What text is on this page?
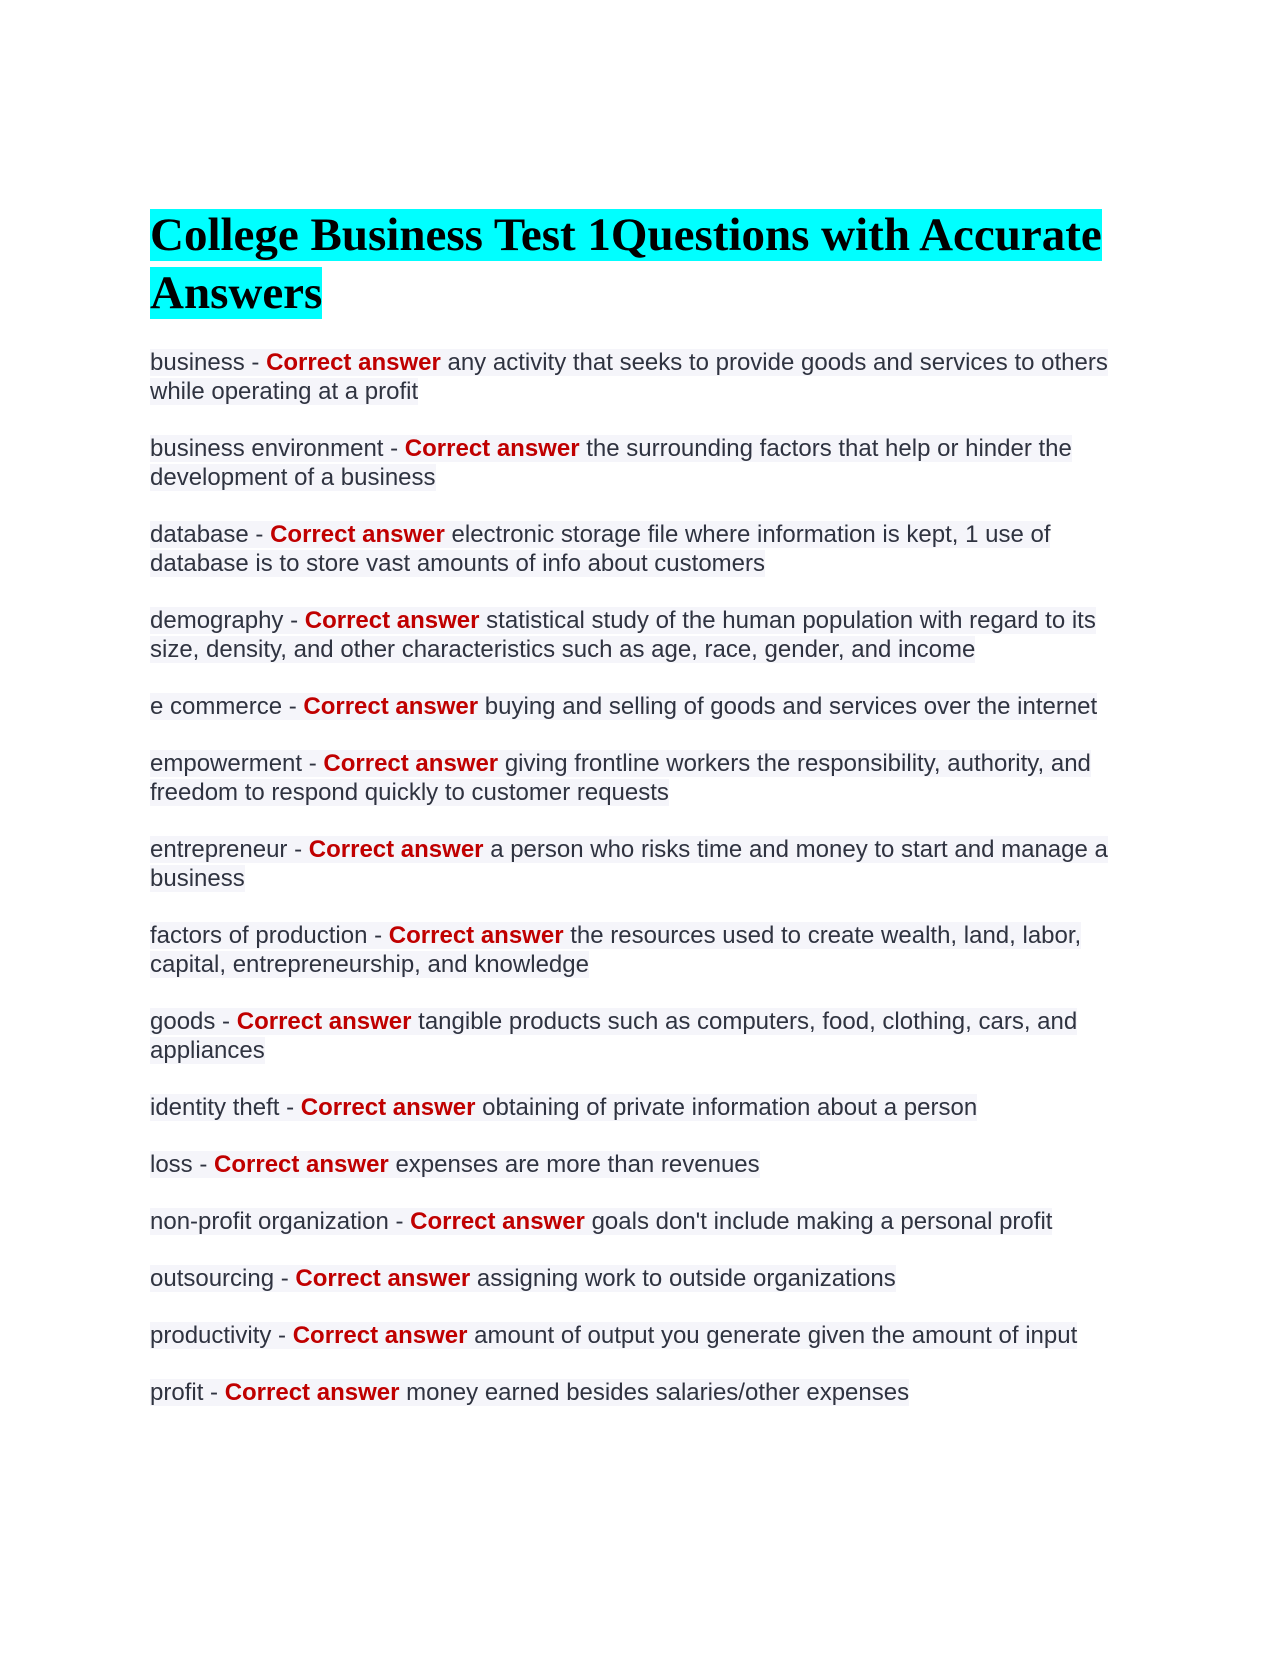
College Business Test 1Questions with Accurate Answers

business - Correct answer any activity that seeks to provide goods and services to others while operating at a profit

business environment - Correct answer the surrounding factors that help or hinder the development of a business

database - Correct answer electronic storage file where information is kept, 1 use of database is to store vast amounts of info about customers

demography - Correct answer statistical study of the human population with regard to its size, density, and other characteristics such as age, race, gender, and income

e commerce - Correct answer buying and selling of goods and services over the internet

empowerment - Correct answer giving frontline workers the responsibility, authority, and freedom to respond quickly to customer requests

entrepreneur - Correct answer a person who risks time and money to start and manage a business

factors of production - Correct answer the resources used to create wealth, land, labor, capital, entrepreneurship, and knowledge

goods - Correct answer tangible products such as computers, food, clothing, cars, and appliances

identity theft - Correct answer obtaining of private information about a person

loss - Correct answer expenses are more than revenues

non-profit organization - Correct answer goals don't include making a personal profit

outsourcing - Correct answer assigning work to outside organizations

productivity - Correct answer amount of output you generate given the amount of input

profit - Correct answer money earned besides salaries/other expenses
